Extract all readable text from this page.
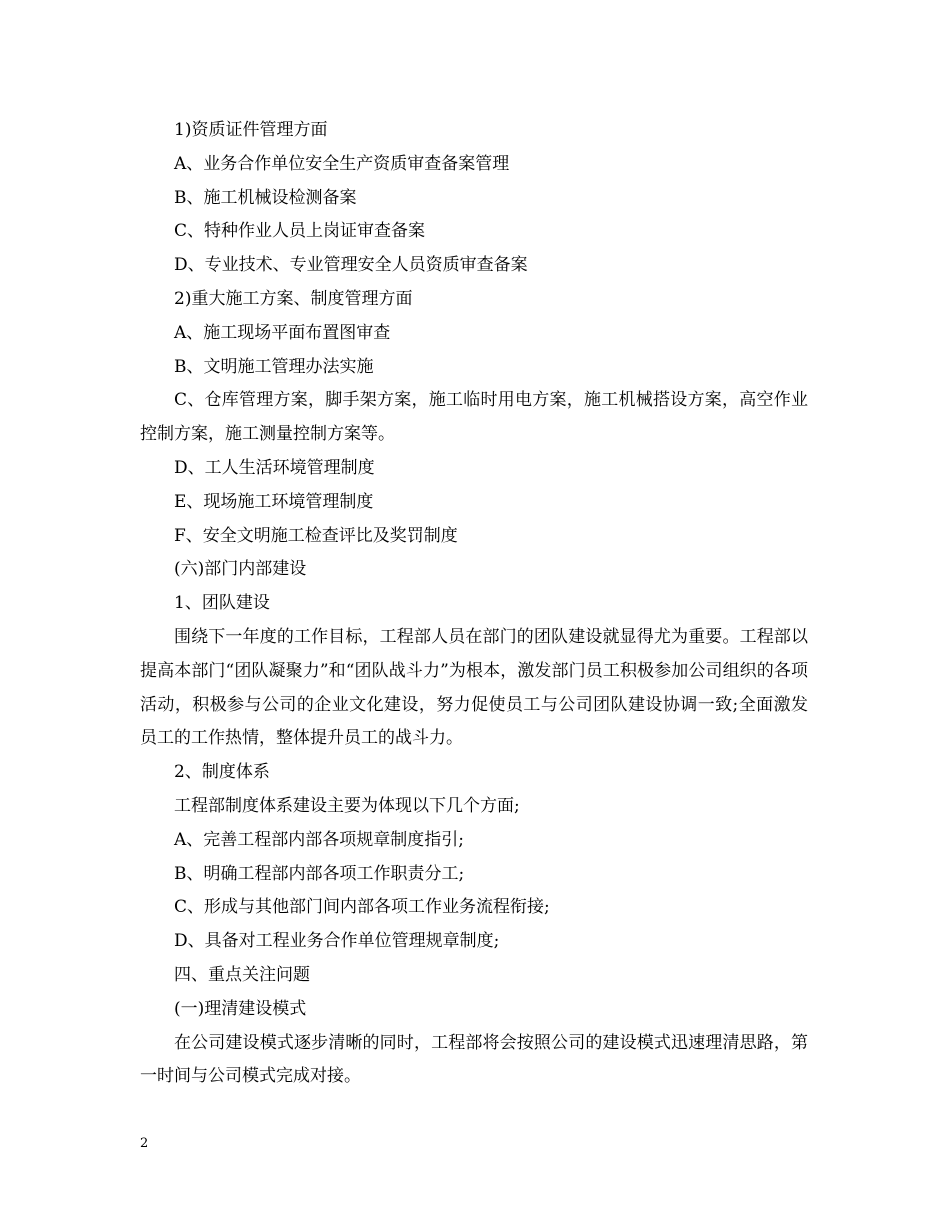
1)资质证件管理方面

A、业务合作单位安全生产资质审查备案管理

B、施工机械设检测备案

C、特种作业人员上岗证审查备案

D、专业技术、专业管理安全人员资质审查备案

2)重大施工方案、制度管理方面

A、施工现场平面布置图审查

B、文明施工管理办法实施

C、仓库管理方案，脚手架方案，施工临时用电方案，施工机械搭设方案，高空作业控制方案，施工测量控制方案等。

D、工人生活环境管理制度

E、现场施工环境管理制度

F、安全文明施工检查评比及奖罚制度

(六)部门内部建设

1、团队建设

围绕下一年度的工作目标，工程部人员在部门的团队建设就显得尤为重要。工程部以提高本部门“团队凝聚力”和“团队战斗力”为根本，激发部门员工积极参加公司组织的各项活动，积极参与公司的企业文化建设，努力促使员工与公司团队建设协调一致;全面激发员工的工作热情，整体提升员工的战斗力。

2、制度体系

工程部制度体系建设主要为体现以下几个方面;

A、完善工程部内部各项规章制度指引;

B、明确工程部内部各项工作职责分工;

C、形成与其他部门间内部各项工作业务流程衔接;

D、具备对工程业务合作单位管理规章制度;

四、重点关注问题

(一)理清建设模式

在公司建设模式逐步清晰的同时，工程部将会按照公司的建设模式迅速理清思路，第一时间与公司模式完成对接。

2
